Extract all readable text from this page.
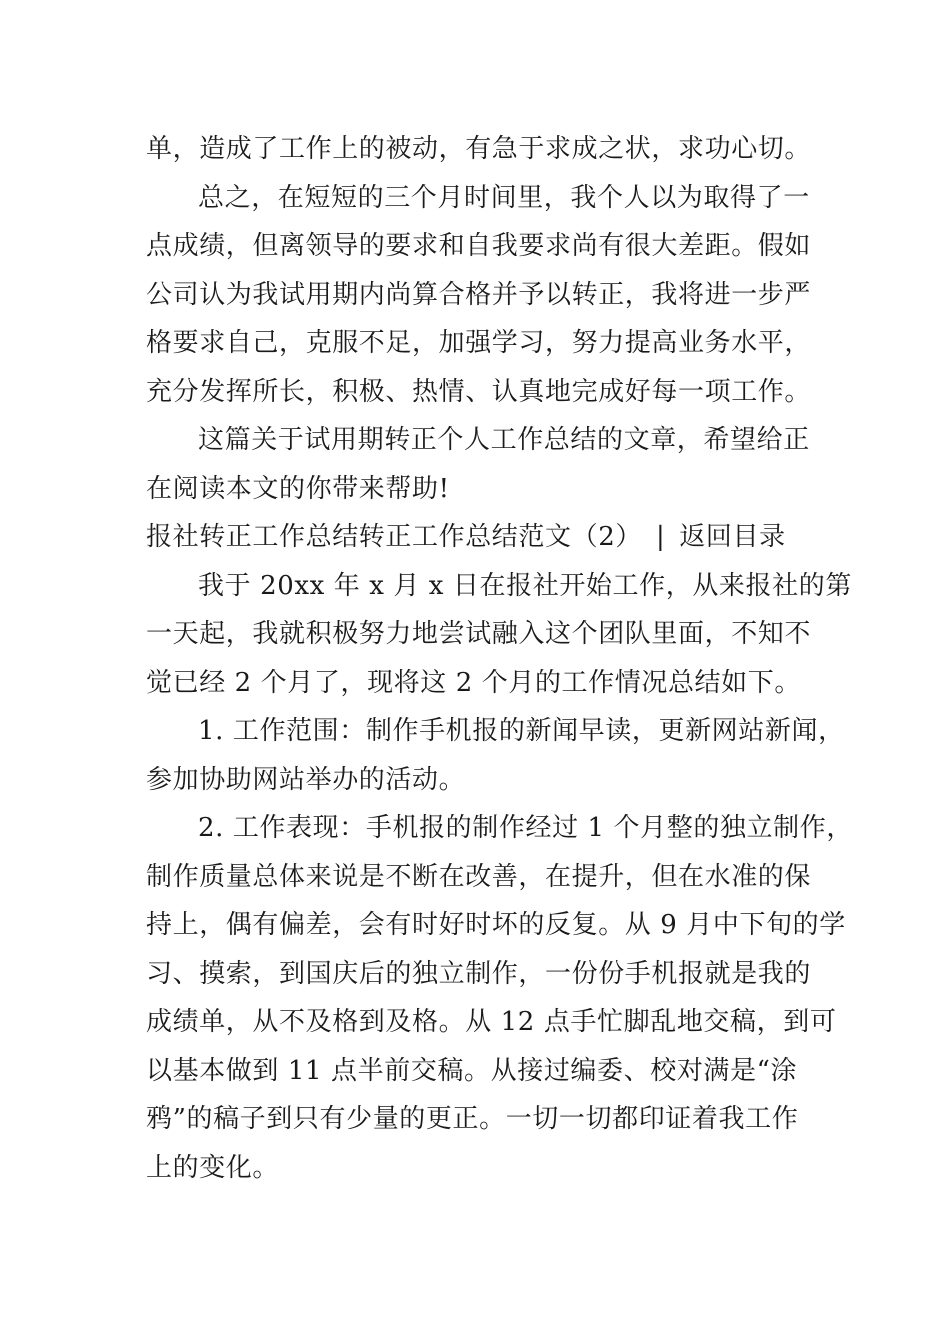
单，造成了工作上的被动，有急于求成之状，求功心切。
总之，在短短的三个月时间里，我个人以为取得了一
点成绩，但离领导的要求和自我要求尚有很大差距。假如
公司认为我试用期内尚算合格并予以转正，我将进一步严
格要求自己，克服不足，加强学习，努力提高业务水平，
充分发挥所长，积极、热情、认真地完成好每一项工作。
这篇关于试用期转正个人工作总结的文章，希望给正
在阅读本文的你带来帮助!
报社转正工作总结转正工作总结范文（2） | 返回目录
我于 20xx 年 x 月 x 日在报社开始工作，从来报社的第
一天起，我就积极努力地尝试融入这个团队里面，不知不
觉已经 2 个月了，现将这 2 个月的工作情况总结如下。
1. 工作范围：制作手机报的新闻早读，更新网站新闻，
参加协助网站举办的活动。
2. 工作表现：手机报的制作经过 1 个月整的独立制作，
制作质量总体来说是不断在改善，在提升，但在水准的保
持上，偶有偏差，会有时好时坏的反复。从 9 月中下旬的学
习、摸索，到国庆后的独立制作，一份份手机报就是我的
成绩单，从不及格到及格。从 12 点手忙脚乱地交稿，到可
以基本做到 11 点半前交稿。从接过编委、校对满是“涂
鸦”的稿子到只有少量的更正。一切一切都印证着我工作
上的变化。
